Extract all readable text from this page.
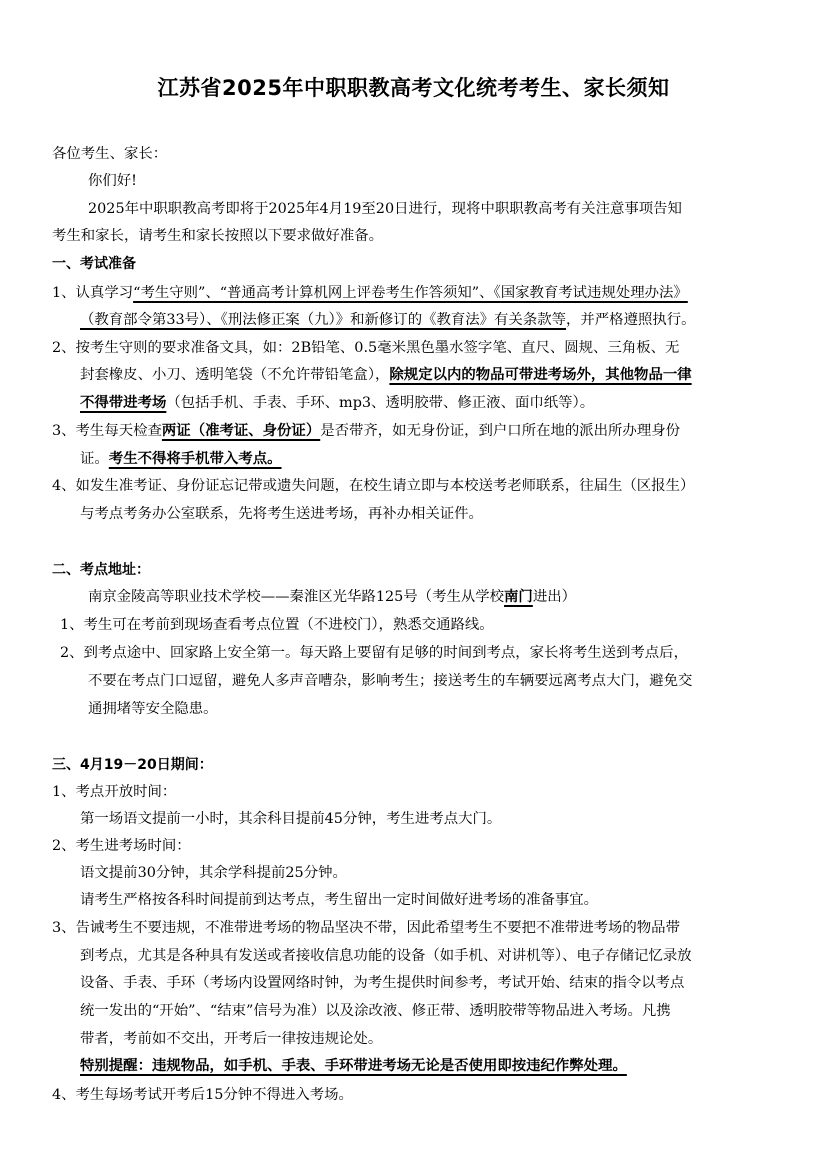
江苏省2025年中职职教高考文化统考考生、家长须知
各位考生、家长：
你们好!
2025年中职职教高考即将于2025年4月19至20日进行，现将中职职教高考有关注意事项告知
考生和家长，请考生和家长按照以下要求做好准备。
一、考试准备
1、认真学习“考生守则”、“普通高考计算机网上评卷考生作答须知”、《国家教育考试违规处理办法》
（教育部令第33号）、《刑法修正案（九）》和新修订的《教育法》有关条款等，并严格遵照执行。
2、按考生守则的要求准备文具，如：2B铅笔、0.5毫米黑色墨水签字笔、直尺、圆规、三角板、无
封套橡皮、小刀、透明笔袋（不允许带铅笔盒），除规定以内的物品可带进考场外，其他物品一律
不得带进考场（包括手机、手表、手环、mp3、透明胶带、修正液、面巾纸等）。
3、考生每天检查两证（准考证、身份证）是否带齐，如无身份证，到户口所在地的派出所办理身份
证。考生不得将手机带入考点。
4、如发生准考证、身份证忘记带或遗失问题，在校生请立即与本校送考老师联系，往届生（区报生）
与考点考务办公室联系，先将考生送进考场，再补办相关证件。
二、考点地址：
南京金陵高等职业技术学校——秦淮区光华路125号（考生从学校南门进出）
1、考生可在考前到现场查看考点位置（不进校门），熟悉交通路线。
2、到考点途中、回家路上安全第一。每天路上要留有足够的时间到考点，家长将考生送到考点后，
不要在考点门口逗留，避免人多声音嘈杂，影响考生；接送考生的车辆要远离考点大门，避免交
通拥堵等安全隐患。
三、4月19－20日期间：
1、考点开放时间：
第一场语文提前一小时，其余科目提前45分钟，考生进考点大门。
2、考生进考场时间：
语文提前30分钟，其余学科提前25分钟。
请考生严格按各科时间提前到达考点，考生留出一定时间做好进考场的准备事宜。
3、告诫考生不要违规，不准带进考场的物品坚决不带，因此希望考生不要把不准带进考场的物品带
到考点，尤其是各种具有发送或者接收信息功能的设备（如手机、对讲机等）、电子存储记忆录放
设备、手表、手环（考场内设置网络时钟，为考生提供时间参考，考试开始、结束的指令以考点
统一发出的“开始”、“结束”信号为准）以及涂改液、修正带、透明胶带等物品进入考场。凡携
带者，考前如不交出，开考后一律按违规论处。
特别提醒：违规物品，如手机、手表、手环带进考场无论是否使用即按违纪作弊处理。
4、考生每场考试开考后15分钟不得进入考场。
